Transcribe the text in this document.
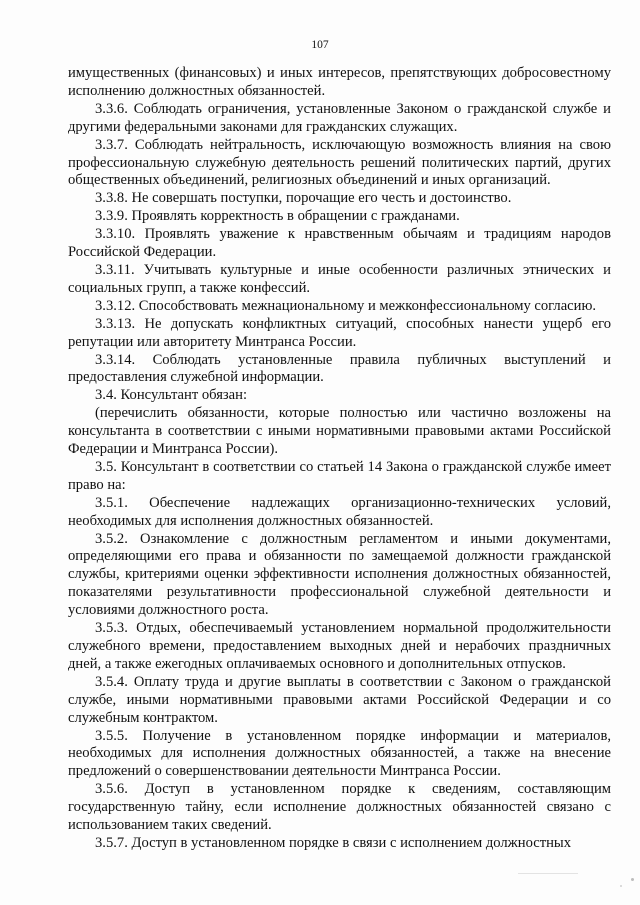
107

имущественных (финансовых) и иных интересов, препятствующих добросовестному исполнению должностных обязанностей.

3.3.6. Соблюдать ограничения, установленные Законом о гражданской службе и другими федеральными законами для гражданских служащих.

3.3.7. Соблюдать нейтральность, исключающую возможность влияния на свою профессиональную служебную деятельность решений политических партий, других общественных объединений, религиозных объединений и иных организаций.

3.3.8. Не совершать поступки, порочащие его честь и достоинство.

3.3.9. Проявлять корректность в обращении с гражданами.

3.3.10. Проявлять уважение к нравственным обычаям и традициям народов Российской Федерации.

3.3.11. Учитывать культурные и иные особенности различных этнических и социальных групп, а также конфессий.

3.3.12. Способствовать межнациональному и межконфессиональному согласию.

3.3.13. Не допускать конфликтных ситуаций, способных нанести ущерб его репутации или авторитету Минтранса России.

3.3.14. Соблюдать установленные правила публичных выступлений и предоставления служебной информации.

3.4. Консультант обязан:

(перечислить обязанности, которые полностью или частично возложены на консультанта в соответствии с иными нормативными правовыми актами Российской Федерации и Минтранса России).

3.5. Консультант в соответствии со статьей 14 Закона о гражданской службе имеет право на:

3.5.1. Обеспечение надлежащих организационно-технических условий, необходимых для исполнения должностных обязанностей.

3.5.2. Ознакомление с должностным регламентом и иными документами, определяющими его права и обязанности по замещаемой должности гражданской службы, критериями оценки эффективности исполнения должностных обязанностей, показателями результативности профессиональной служебной деятельности и условиями должностного роста.

3.5.3. Отдых, обеспечиваемый установлением нормальной продолжительности служебного времени, предоставлением выходных дней и нерабочих праздничных дней, а также ежегодных оплачиваемых основного и дополнительных отпусков.

3.5.4. Оплату труда и другие выплаты в соответствии с Законом о гражданской службе, иными нормативными правовыми актами Российской Федерации и со служебным контрактом.

3.5.5. Получение в установленном порядке информации и материалов, необходимых для исполнения должностных обязанностей, а также на внесение предложений о совершенствовании деятельности Минтранса России.

3.5.6. Доступ в установленном порядке к сведениям, составляющим государственную тайну, если исполнение должностных обязанностей связано с использованием таких сведений.

3.5.7. Доступ в установленном порядке в связи с исполнением должностных
